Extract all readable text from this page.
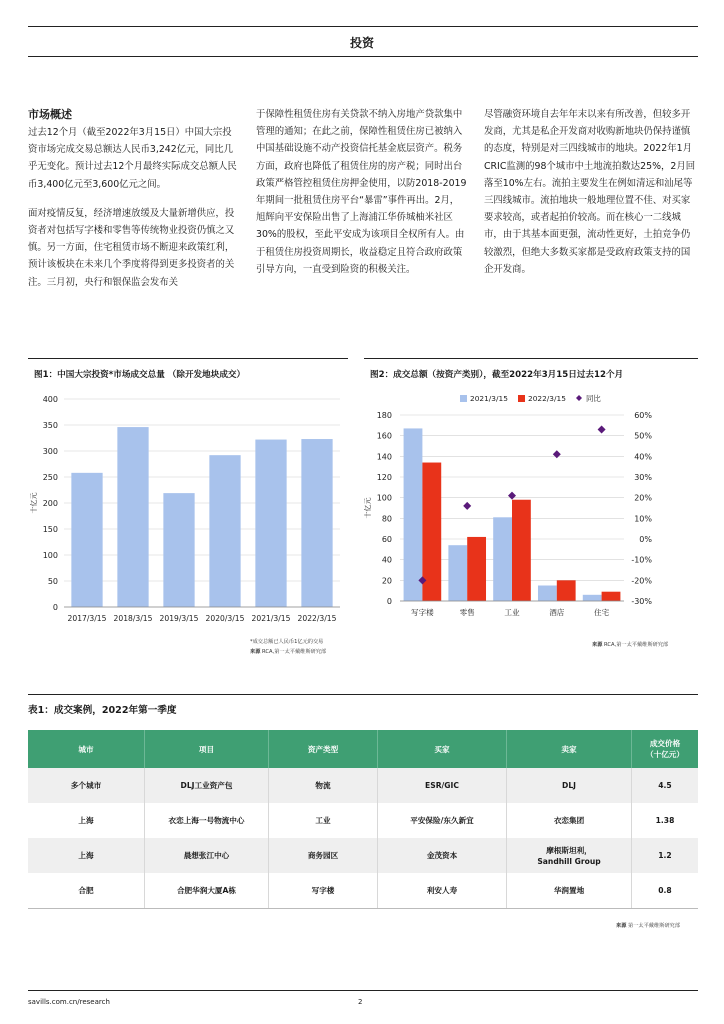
投资
市场概述

过去12个月（截至2022年3月15日）中国大宗投资市场完成交易总额达人民币3,242亿元，同比几乎无变化。预计过去12个月最终实际成交总额人民币3,400亿元至3,600亿元之间。

面对疫情反复，经济增速放缓及大量新增供应，投资者对包括写字楼和零售等传统物业投资仍慎之又慎。另一方面，住宅租赁市场不断迎来政策红利，预计该板块在未来几个季度将得到更多投资者的关注。三月初，央行和银保监会发布关

于保障性租赁住房有关贷款不纳入房地产贷款集中管理的通知；在此之前，保障性租赁住房已被纳入中国基础设施不动产投资信托基金底层资产。税务方面，政府也降低了租赁住房的房产税；同时出台政策严格管控租赁住房押金使用，以防2018-2019年期间一批租赁住房平台“暴雷”事件再出。2月，旭辉向平安保险出售了上海浦江华侨城柚米社区30%的股权，至此平安成为该项目全权所有人。由于租赁住房投资周期长，收益稳定且符合政府政策引导方向，一直受到险资的积极关注。

尽管融资环境自去年年末以来有所改善，但较多开发商，尤其是私企开发商对收购新地块仍保持谨慎的态度，特别是对三四线城市的地块。2022年1月CRIC监测的98个城市中土地流拍数达25%，2月回落至10%左右。流拍主要发生在例如清远和汕尾等三四线城市。流拍地块一般地理位置不佳、对买家要求较高，或者起拍价较高。而在核心一二线城市，由于其基本面更强，流动性更好，土拍竞争仍较激烈，但绝大多数买家都是受政府政策支持的国企开发商。

图1：中国大宗投资*市场成交总量 （除开发地块成交）
0
50
100
150
200
250
300
350
400
2017/3/15 2018/3/15 2019/3/15 2020/3/15 2021/3/15 2022/3/15
十亿元
*成交总额已人民币1亿元的交易
来源 RCA,第一太平戴维斯研究部
图2：成交总额（按资产类别），截至2022年3月15日过去12个月
0
20
40
60
80
100
120
140
160
180
-30%
-20%
-10%
0%
10%
20%
30%
40%
50%
60%
写字楼	零售	工业	酒店	住宅
十亿元
2021/3/15	2022/3/15	同比
来源 RCA,第一太平戴维斯研究部
表1：成交案例，2022年第一季度
城市	项目	资产类型	买家	卖家	成交价格
（十亿元）
多个城市	DLJ工业资产包	物流	ESR/GIC	DLJ	4.5
上海	衣恋上海一号物流中心	工业	平安保险/东久新宜	衣恋集团	1.38
上海	晨想张江中心	商务园区	金茂资本	摩根斯坦利，
Sandhill Group	1.2
合肥	合肥华润大厦A栋	写字楼	利安人寿	华润置地	0.8
来源 第一太平戴维斯研究部
savills.com.cn/research	2
